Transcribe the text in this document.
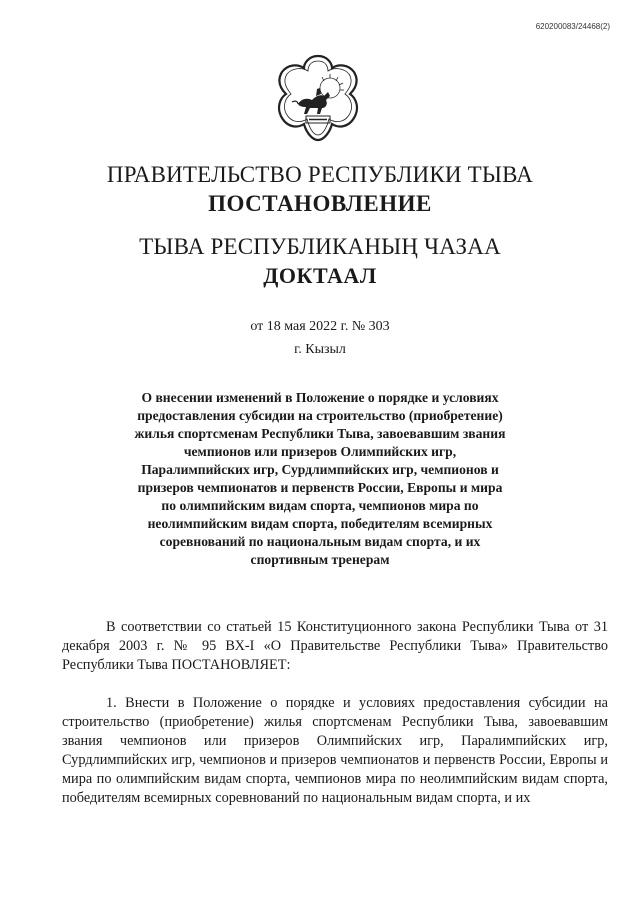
620200083/24468(2)
ПРАВИТЕЛЬСТВО РЕСПУБЛИКИ ТЫВА
ПОСТАНОВЛЕНИЕ
ТЫВА РЕСПУБЛИКАНЫҢ ЧАЗАА
ДОКТААЛ
от 18 мая 2022 г. № 303
г. Кызыл
О внесении изменений в Положение о порядке и условиях предоставления субсидии на строительство (приобретение) жилья спортсменам Республики Тыва, завоевавшим звания чемпионов или призеров Олимпийских игр, Паралимпийских игр, Сурдлимпийских игр, чемпионов и призеров чемпионатов и первенств России, Европы и мира по олимпийским видам спорта, чемпионов мира по неолимпийским видам спорта, победителям всемирных соревнований по национальным видам спорта, и их спортивным тренерам
В соответствии со статьей 15 Конституционного закона Республики Тыва от 31 декабря 2003 г. № 95 ВХ-I «О Правительстве Республики Тыва» Правительство Республики Тыва ПОСТАНОВЛЯЕТ:
1. Внести в Положение о порядке и условиях предоставления субсидии на строительство (приобретение) жилья спортсменам Республики Тыва, завоевавшим звания чемпионов или призеров Олимпийских игр, Паралимпийских игр, Сурдлимпийских игр, чемпионов и призеров чемпионатов и первенств России, Европы и мира по олимпийским видам спорта, чемпионов мира по неолимпийским видам спорта, победителям всемирных соревнований по национальным видам спорта, и их
